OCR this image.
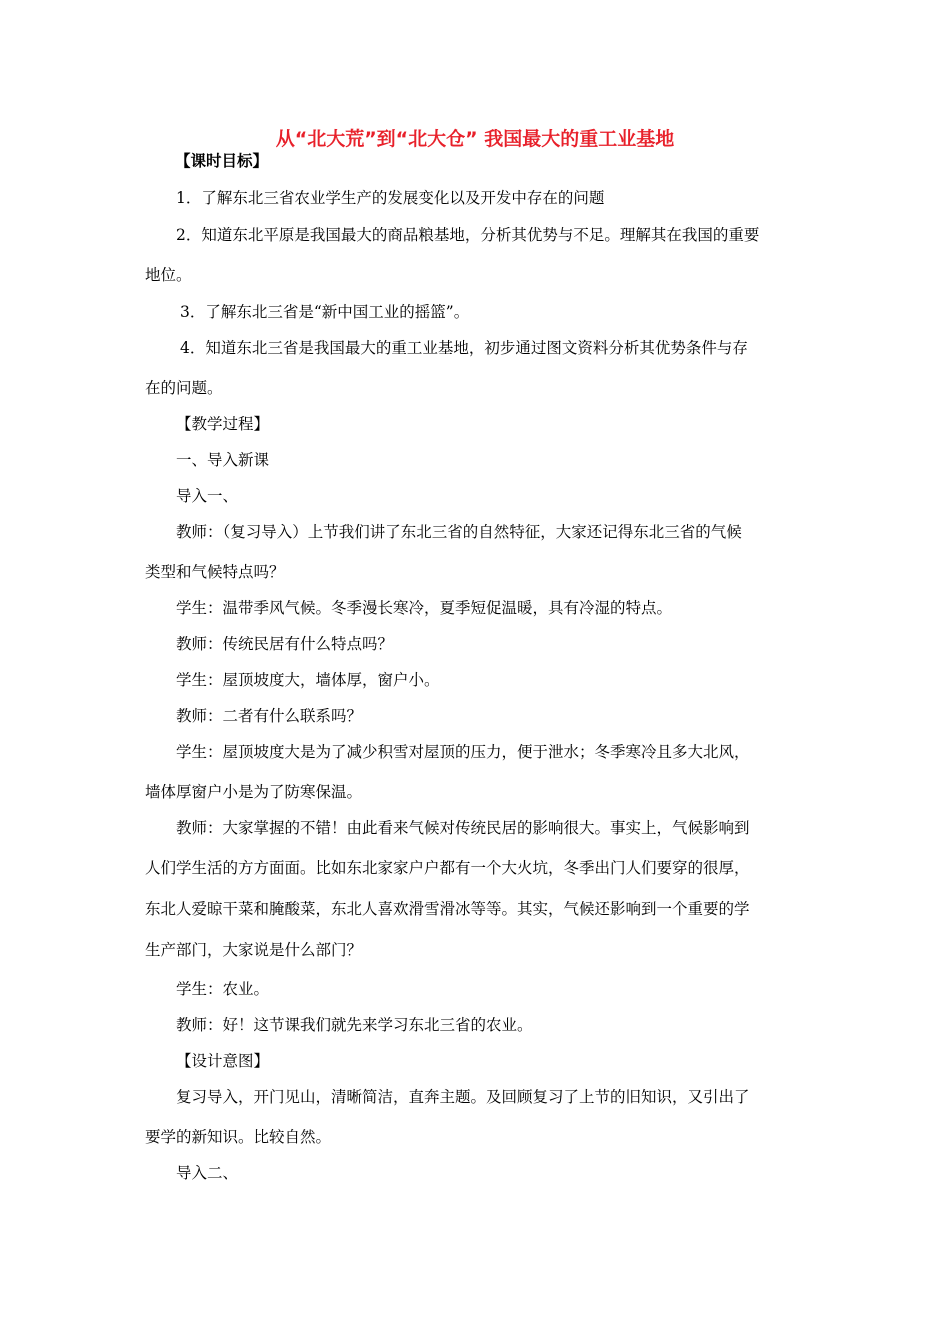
从“北大荒”到“北大仓” 我国最大的重工业基地
【课时目标】
1．了解东北三省农业学生产的发展变化以及开发中存在的问题
2．知道东北平原是我国最大的商品粮基地，分析其优势与不足。理解其在我国的重要
地位。
3．了解东北三省是“新中国工业的摇篮”。
4．知道东北三省是我国最大的重工业基地，初步通过图文资料分析其优势条件与存
在的问题。
【教学过程】
一、导入新课
导入一、
教师：（复习导入）上节我们讲了东北三省的自然特征，大家还记得东北三省的气候
类型和气候特点吗？
学生：温带季风气候。冬季漫长寒冷，夏季短促温暖，具有冷湿的特点。
教师：传统民居有什么特点吗？
学生：屋顶坡度大，墙体厚，窗户小。
教师：二者有什么联系吗？
学生：屋顶坡度大是为了减少积雪对屋顶的压力，便于泄水；冬季寒冷且多大北风，
墙体厚窗户小是为了防寒保温。
教师：大家掌握的不错！由此看来气候对传统民居的影响很大。事实上，气候影响到
人们学生活的方方面面。比如东北家家户户都有一个大火坑，冬季出门人们要穿的很厚，
东北人爱晾干菜和腌酸菜，东北人喜欢滑雪滑冰等等。其实，气候还影响到一个重要的学
生产部门，大家说是什么部门？
学生：农业。
教师：好！这节课我们就先来学习东北三省的农业。
【设计意图】
复习导入，开门见山，清晰简洁，直奔主题。及回顾复习了上节的旧知识，又引出了
要学的新知识。比较自然。
导入二、
